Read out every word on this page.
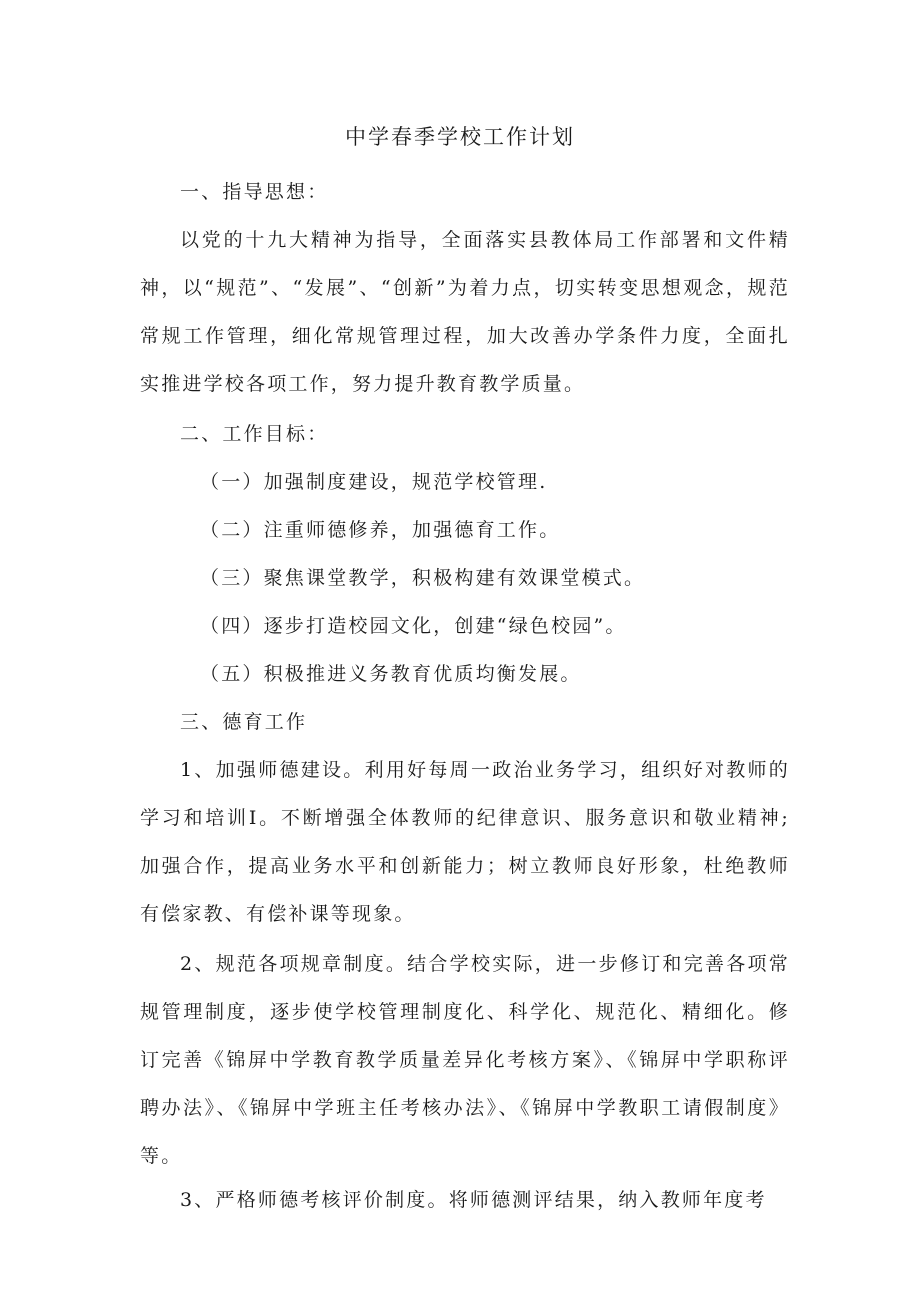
中学春季学校工作计划

一、指导思想：

以党的十九大精神为指导，全面落实县教体局工作部署和文件精神，以“规范”、“发展”、“创新”为着力点，切实转变思想观念，规范常规工作管理，细化常规管理过程，加大改善办学条件力度，全面扎实推进学校各项工作，努力提升教育教学质量。

二、工作目标：

（一）加强制度建设，规范学校管理.

（二）注重师德修养，加强德育工作。

（三）聚焦课堂教学，积极构建有效课堂模式。

（四）逐步打造校园文化，创建“绿色校园”。

（五）积极推进义务教育优质均衡发展。

三、德育工作

1、加强师德建设。利用好每周一政治业务学习，组织好对教师的学习和培训I。不断增强全体教师的纪律意识、服务意识和敬业精神;加强合作，提高业务水平和创新能力；树立教师良好形象，杜绝教师有偿家教、有偿补课等现象。

2、规范各项规章制度。结合学校实际，进一步修订和完善各项常规管理制度，逐步使学校管理制度化、科学化、规范化、精细化。修订完善《锦屏中学教育教学质量差异化考核方案》、《锦屏中学职称评聘办法》、《锦屏中学班主任考核办法》、《锦屏中学教职工请假制度》等。

3、严格师德考核评价制度。将师德测评结果，纳入教师年度考
